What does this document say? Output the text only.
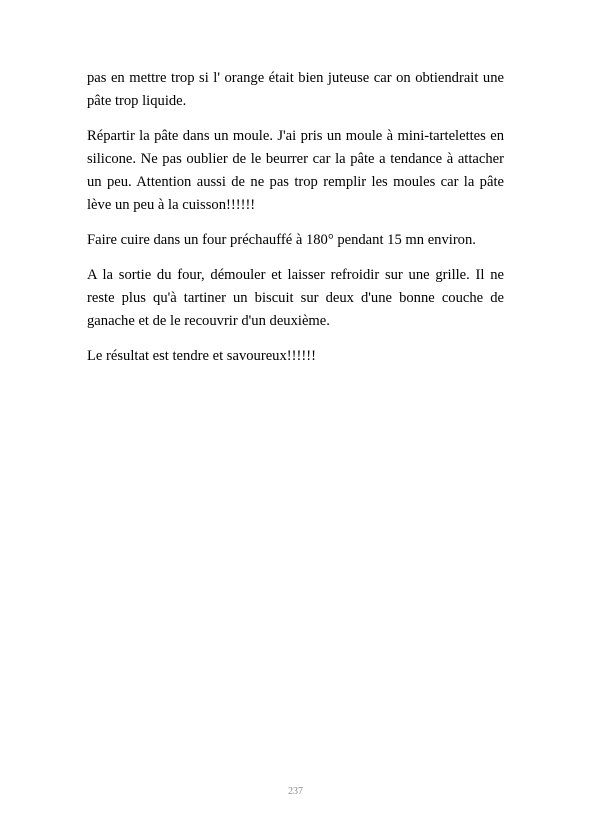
pas en mettre trop si l' orange était bien juteuse car on obtiendrait une pâte trop liquide.

Répartir la pâte dans un moule. J'ai pris un moule à mini-tartelettes en silicone. Ne pas oublier de le beurrer car la pâte a tendance à attacher un peu. Attention aussi de ne pas trop remplir les moules car la pâte lève un peu à la cuisson!!!!!!

Faire cuire dans un four préchauffé à 180° pendant 15 mn environ.

A la sortie du four, démouler et laisser refroidir sur une grille. Il ne reste plus qu'à tartiner un biscuit sur deux d'une bonne couche de ganache et de le recouvrir d'un deuxième.

Le résultat est tendre et savoureux!!!!!!

237
